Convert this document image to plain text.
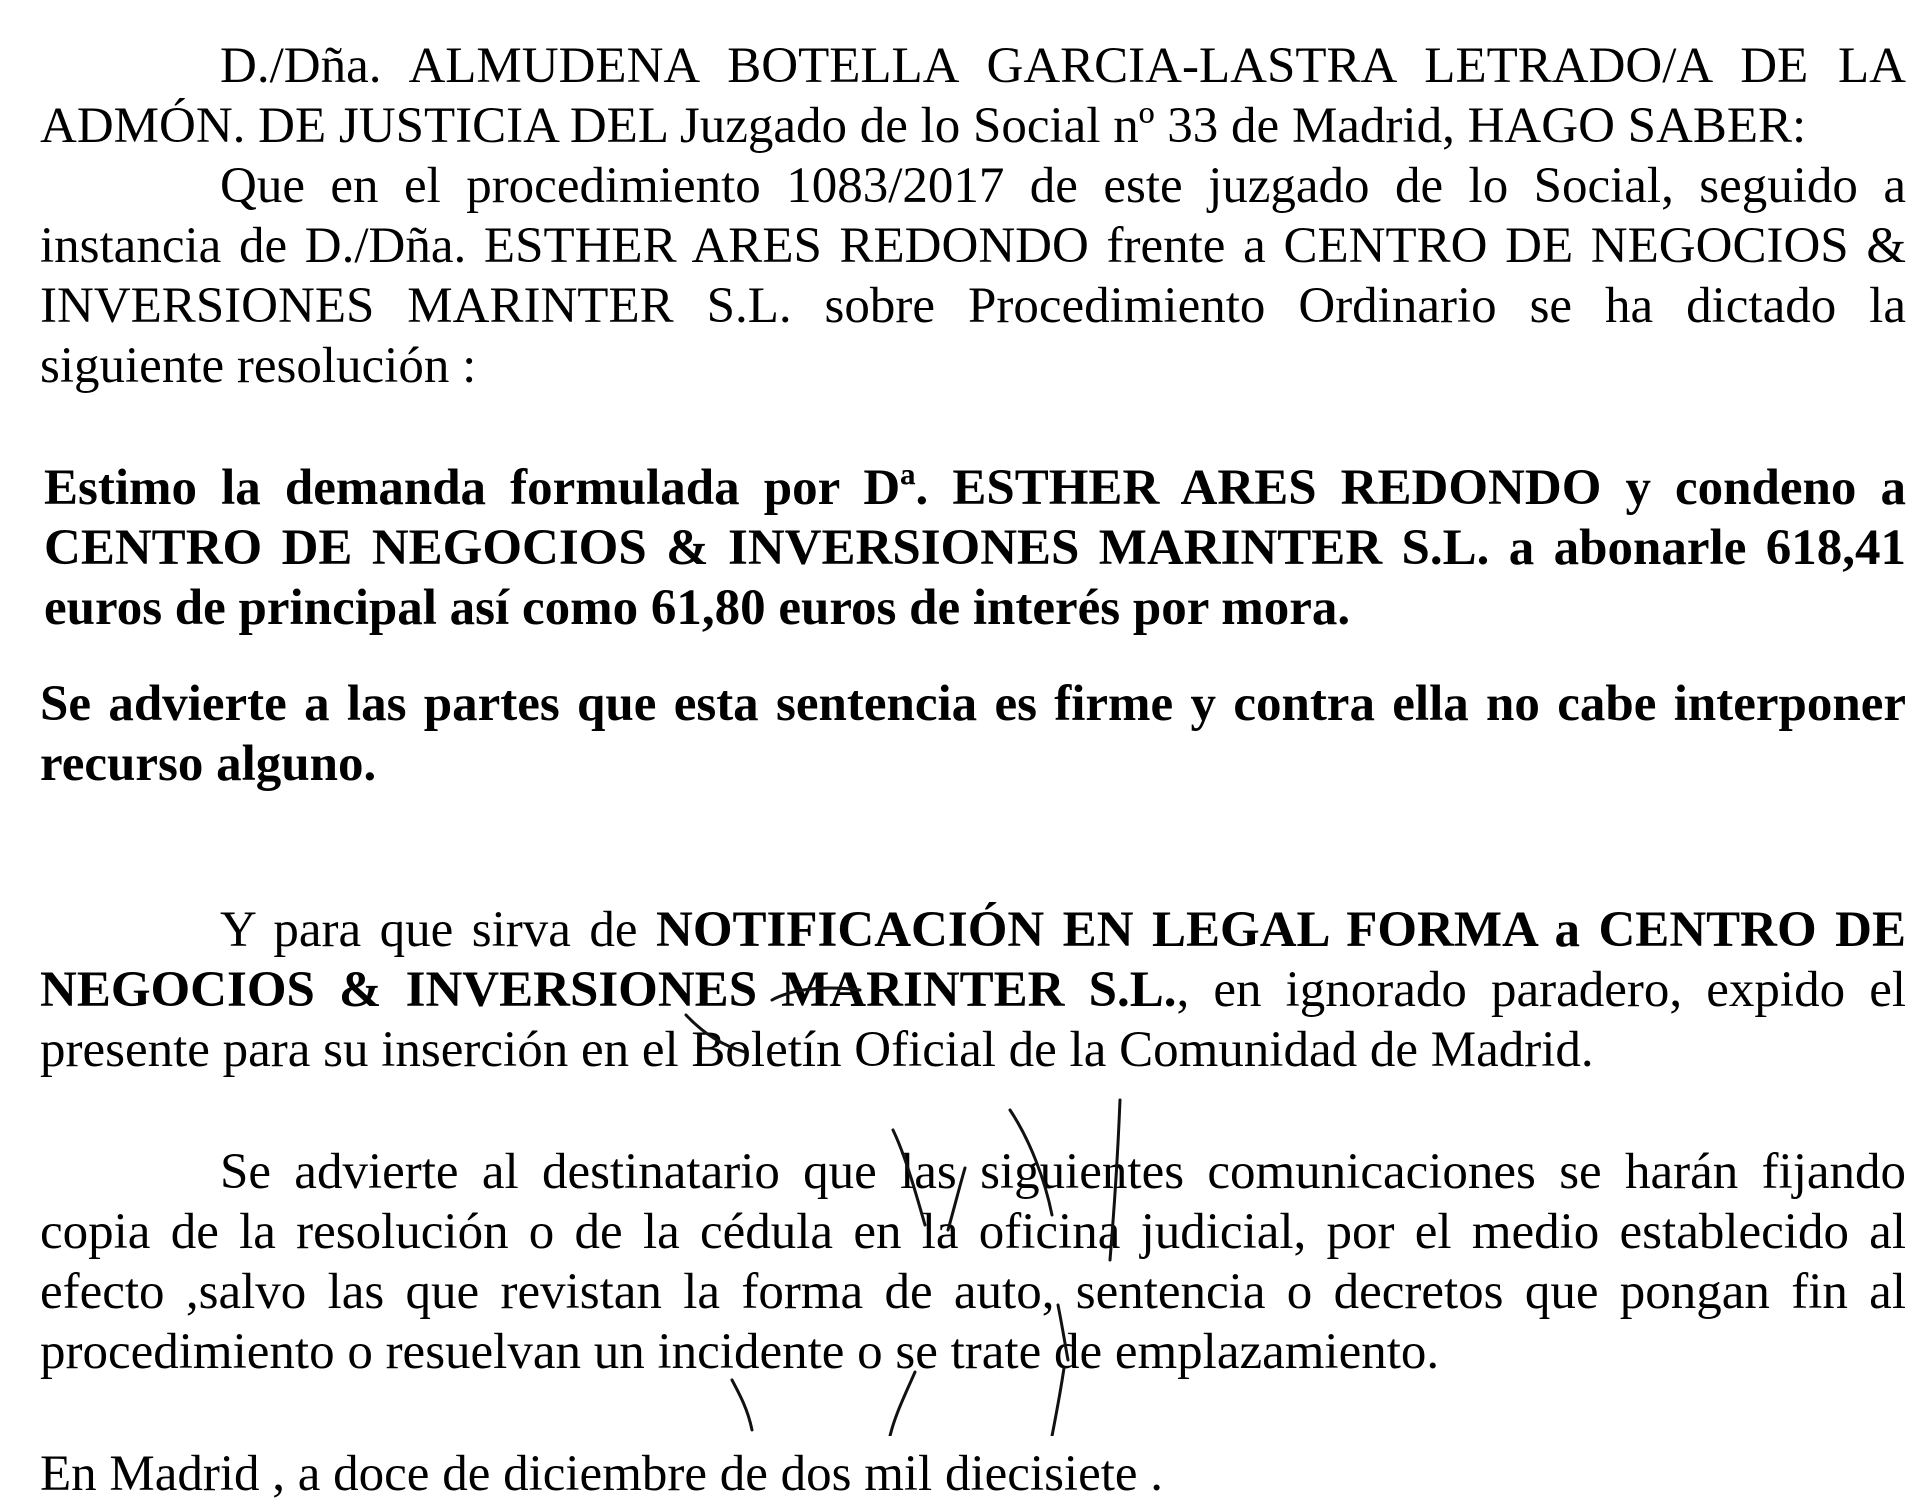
D./Dña. ALMUDENA BOTELLA GARCIA-LASTRA LETRADO/A DE LA ADMÓN. DE JUSTICIA DEL Juzgado de lo Social nº 33 de Madrid, HAGO SABER:

Que en el procedimiento 1083/2017 de este juzgado de lo Social, seguido a instancia de D./Dña. ESTHER ARES REDONDO frente a CENTRO DE NEGOCIOS & INVERSIONES MARINTER S.L. sobre Procedimiento Ordinario se ha dictado la siguiente resolución :

Estimo la demanda formulada por Dª. ESTHER ARES REDONDO y condeno a CENTRO DE NEGOCIOS & INVERSIONES MARINTER S.L. a abonarle 618,41 euros de principal así como 61,80 euros de interés por mora.

Se advierte a las partes que esta sentencia es firme y contra ella no cabe interponer recurso alguno.

Y para que sirva de NOTIFICACIÓN EN LEGAL FORMA a CENTRO DE NEGOCIOS & INVERSIONES MARINTER S.L., en ignorado paradero, expido el presente para su inserción en el Boletín Oficial de la Comunidad de Madrid.

Se advierte al destinatario que las siguientes comunicaciones se harán fijando copia de la resolución o de la cédula en la oficina judicial, por el medio establecido al efecto ,salvo las que revistan la forma de auto, sentencia o decretos que pongan fin al procedimiento o resuelvan un incidente o se trate de emplazamiento.

En Madrid , a doce de diciembre de dos mil diecisiete .
